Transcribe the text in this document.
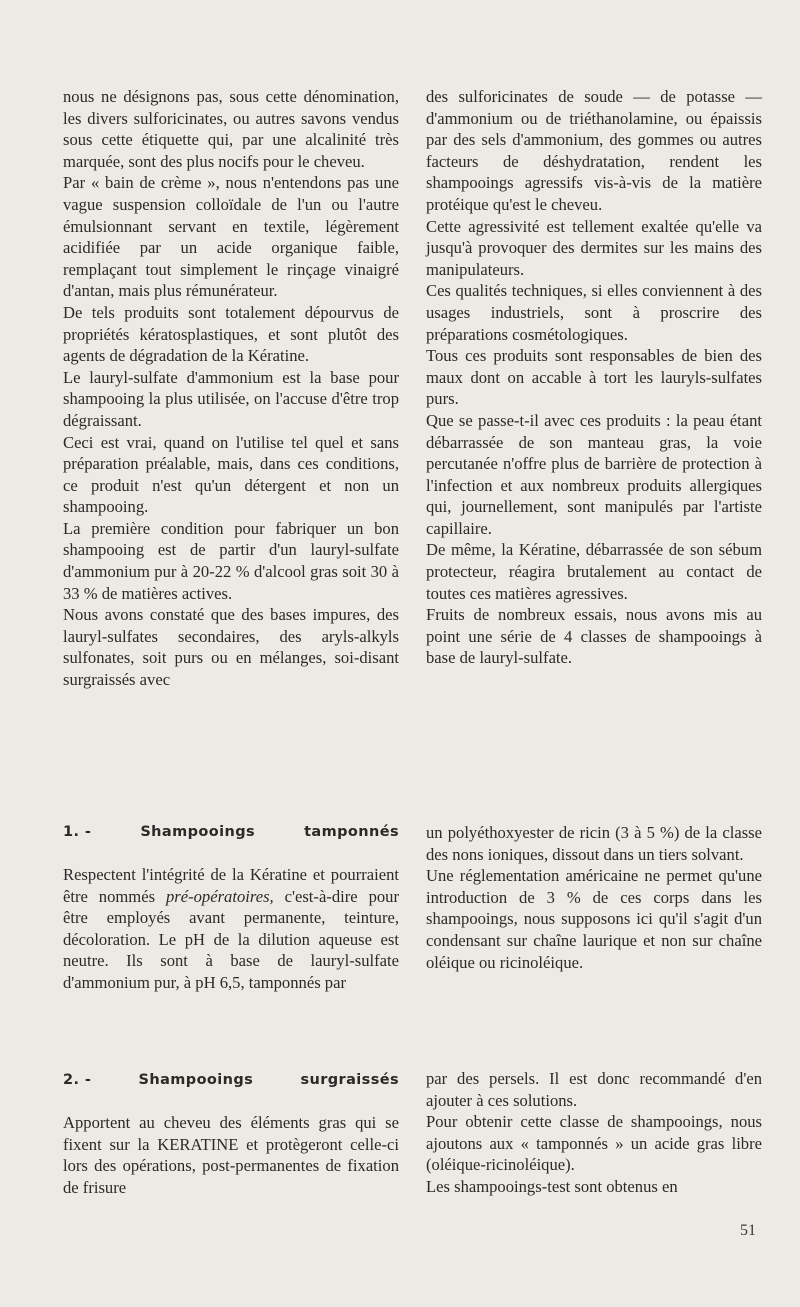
nous ne désignons pas, sous cette dénomination, les divers sulforicinates, ou autres savons vendus sous cette étiquette qui, par une alcalinité très marquée, sont des plus nocifs pour le cheveu.

Par « bain de crème », nous n'entendons pas une vague suspension colloïdale de l'un ou l'autre émulsionnant servant en textile, légèrement acidifiée par un acide organique faible, remplaçant tout simplement le rinçage vinaigré d'antan, mais plus rémunérateur.

De tels produits sont totalement dépourvus de propriétés kératosplastiques, et sont plutôt des agents de dégradation de la Kératine.

Le lauryl-sulfate d'ammonium est la base pour shampooing la plus utilisée, on l'accuse d'être trop dégraissant.

Ceci est vrai, quand on l'utilise tel quel et sans préparation préalable, mais, dans ces conditions, ce produit n'est qu'un détergent et non un shampooing.

La première condition pour fabriquer un bon shampooing est de partir d'un lauryl-sulfate d'ammonium pur à 20-22 % d'alcool gras soit 30 à 33 % de matières actives.

Nous avons constaté que des bases impures, des lauryl-sulfates secondaires, des aryls-alkyls sulfonates, soit purs ou en mélanges, soi-disant surgraissés avec

des sulforicinates de soude — de potasse — d'ammonium ou de triéthanolamine, ou épaissis par des sels d'ammonium, des gommes ou autres facteurs de déshydratation, rendent les shampooings agressifs vis-à-vis de la matière protéique qu'est le cheveu.

Cette agressivité est tellement exaltée qu'elle va jusqu'à provoquer des dermites sur les mains des manipulateurs.

Ces qualités techniques, si elles conviennent à des usages industriels, sont à proscrire des préparations cosmétologiques.

Tous ces produits sont responsables de bien des maux dont on accable à tort les lauryls-sulfates purs.

Que se passe-t-il avec ces produits : la peau étant débarrassée de son manteau gras, la voie percutanée n'offre plus de barrière de protection à l'infection et aux nombreux produits allergiques qui, journellement, sont manipulés par l'artiste capillaire.

De même, la Kératine, débarrassée de son sébum protecteur, réagira brutalement au contact de toutes ces matières agressives.

Fruits de nombreux essais, nous avons mis au point une série de 4 classes de shampooings à base de lauryl-sulfate.

1. -	Shampooings	tamponnés

Respectent l'intégrité de la Kératine et pourraient être nommés pré-opératoires, c'est-à-dire pour être employés avant permanente, teinture, décoloration. Le pH de la dilution aqueuse est neutre. Ils sont à base de lauryl-sulfate d'ammonium pur, à pH 6,5, tamponnés par

un polyéthoxyester de ricin (3 à 5 %) de la classe des nons ioniques, dissout dans un tiers solvant.

Une réglementation américaine ne permet qu'une introduction de 3 % de ces corps dans les shampooings, nous supposons ici qu'il s'agit d'un condensant sur chaîne laurique et non sur chaîne oléique ou ricinoléique.

2. -	Shampooings	surgraissés

Apportent au cheveu des éléments gras qui se fixent sur la KERATINE et protègeront celle-ci lors des opérations, post-permanentes de fixation de frisure

par des persels. Il est donc recommandé d'en ajouter à ces solutions.

Pour obtenir cette classe de shampooings, nous ajoutons aux « tamponnés » un acide gras libre (oléique-ricinoléique).

Les shampooings-test sont obtenus en

51
